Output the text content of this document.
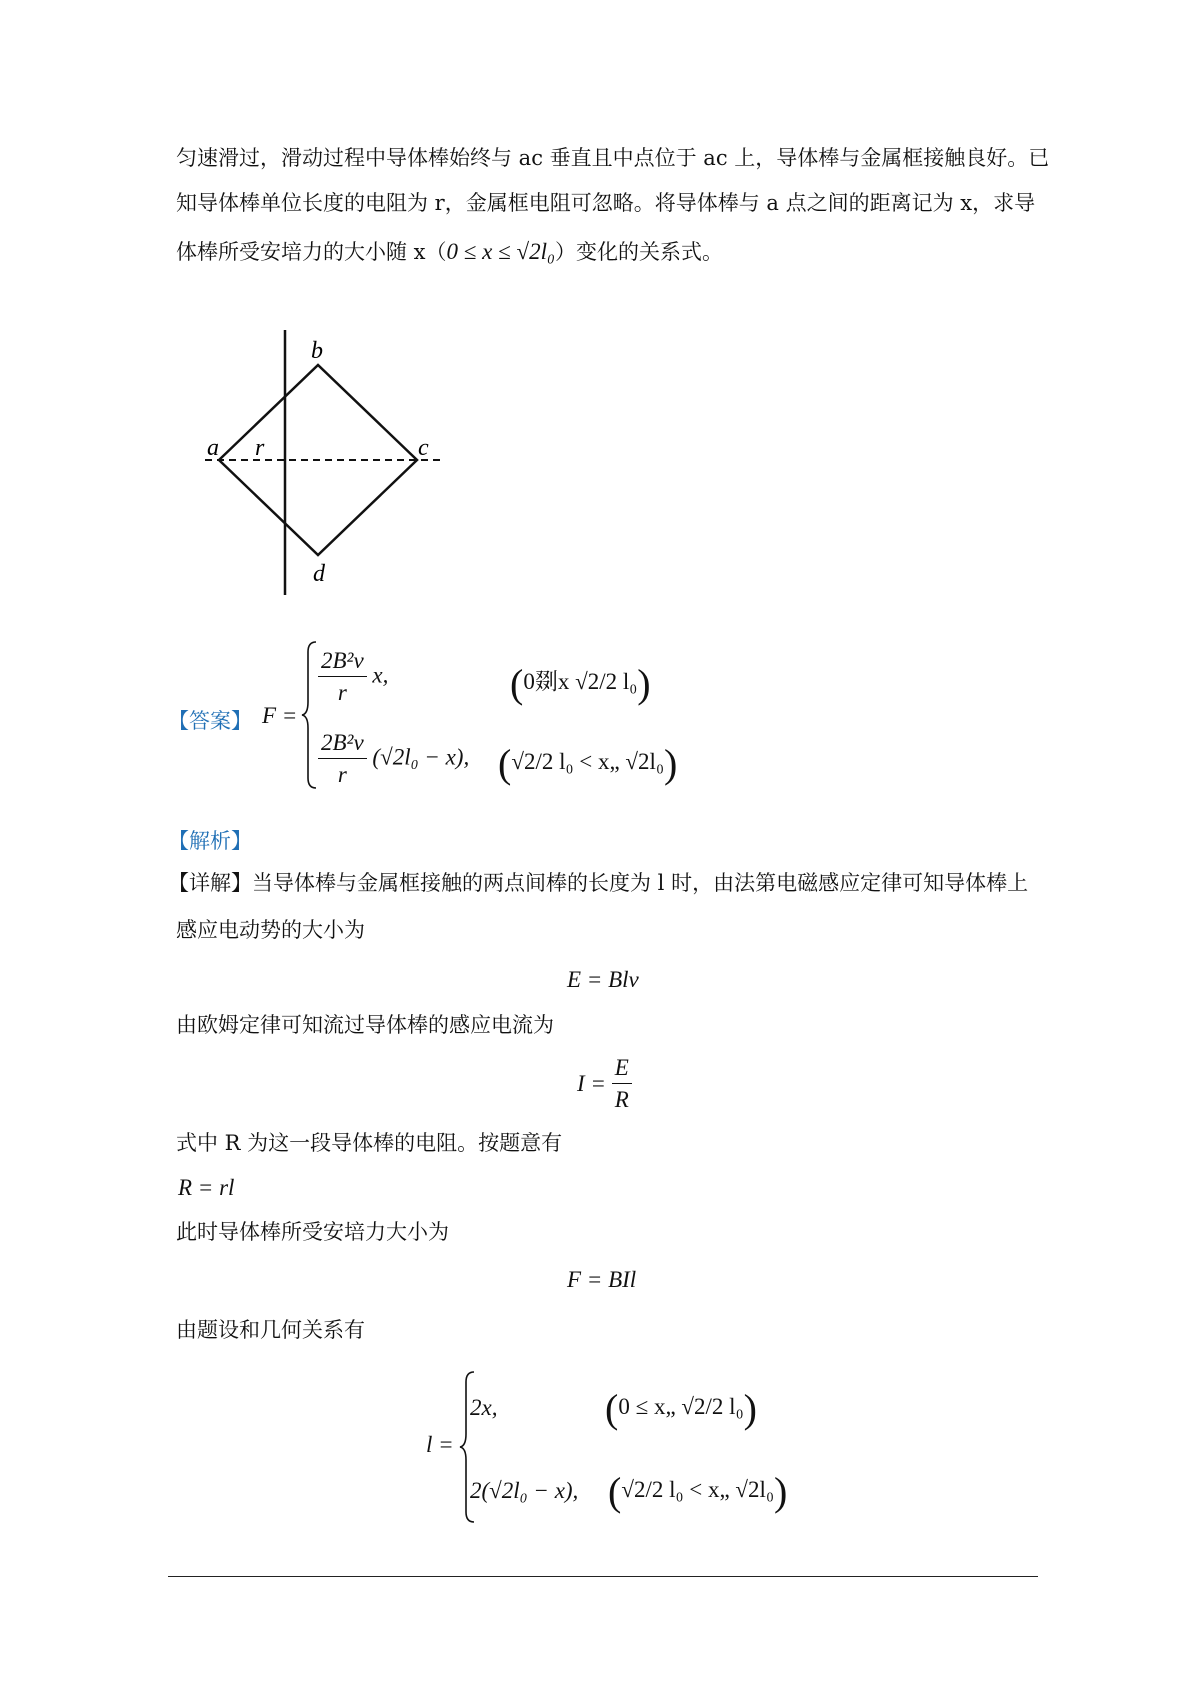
匀速滑过，滑动过程中导体棒始终与 ac 垂直且中点位于 ac 上，导体棒与金属框接触良好。已
知导体棒单位长度的电阻为 r，金属框电阻可忽略。将导体棒与 a 点之间的距离记为 x，求导
体棒所受安培力的大小随 x（0 ≤ x ≤ √2l₀）变化的关系式。
b
a r	c
d
【答案】 F =
$\frac{\text{2B²v}}{r} x$,	(0剟x √2/2 l₀)
$\frac{\text{2B²v}}{r} (√2l_0 - x)$, (√2/2 l₀ < x„ √2l₀)
【解析】
【详解】当导体棒与金属框接触的两点间棒的长度为 l 时，由法第电磁感应定律可知导体棒上
感应电动势的大小为
E = Blv
由欧姆定律可知流过导体棒的感应电流为
$I = \frac{E}{R}$
式中 R 为这一段导体棒的电阻。按题意有
R = rl
此时导体棒所受安培力大小为
F = BIl
由题设和几何关系有
l =
2x,	(0 ≤ x„ √2/2 l₀)
2(√2l₀ − x), (√2/2 l₀ < x„ √2l₀)
